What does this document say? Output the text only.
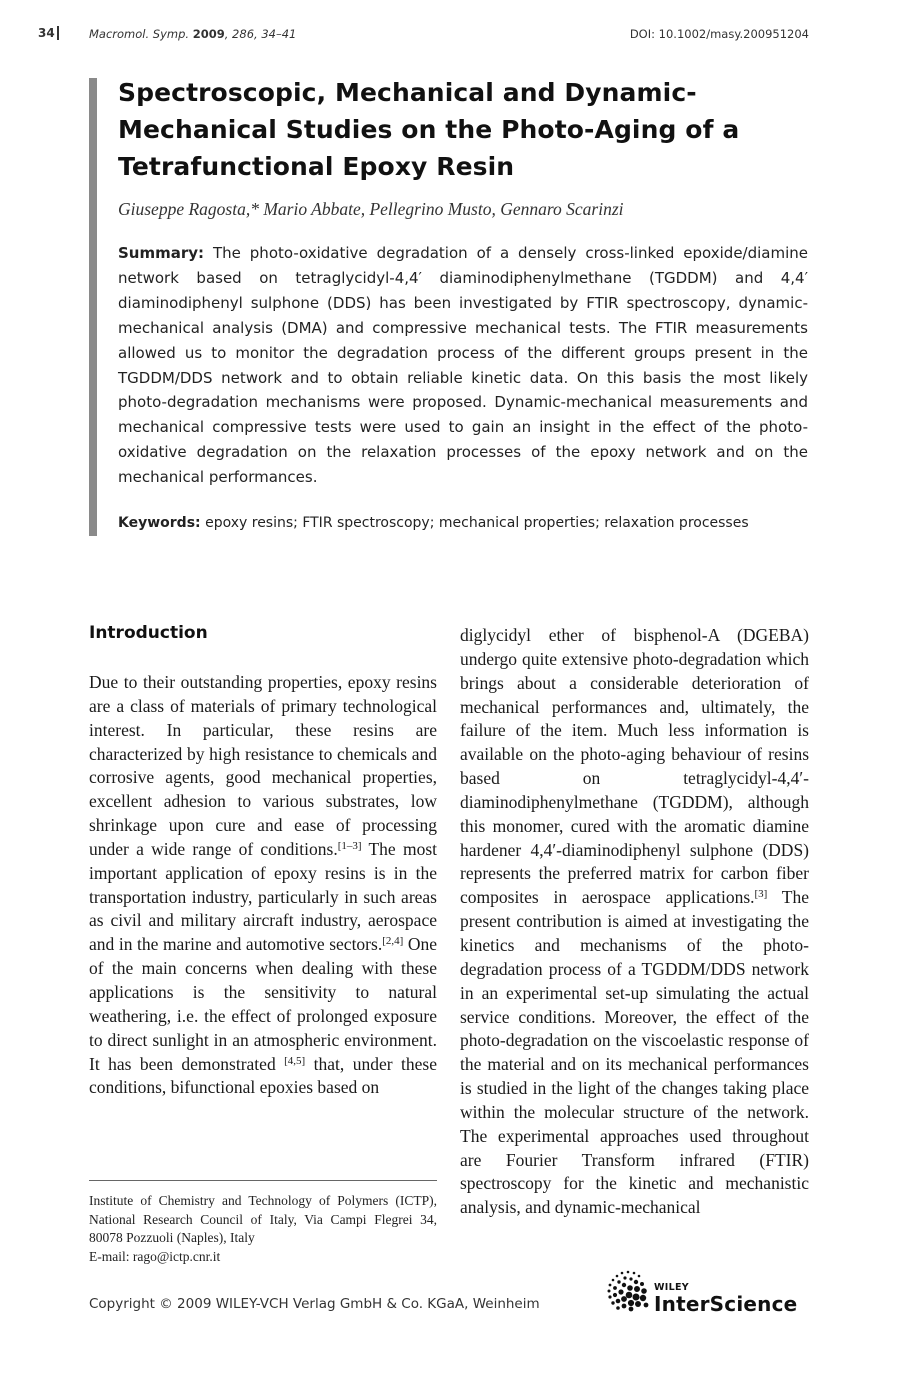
34	Macromol. Symp. 2009, 286, 34–41	DOI: 10.1002/masy.200951204
Spectroscopic, Mechanical and Dynamic-Mechanical Studies on the Photo-Aging of a Tetrafunctional Epoxy Resin
Giuseppe Ragosta,* Mario Abbate, Pellegrino Musto, Gennaro Scarinzi
Summary: The photo-oxidative degradation of a densely cross-linked epoxide/diamine network based on tetraglycidyl-4,4′ diaminodiphenylmethane (TGDDM) and 4,4′ diaminodiphenyl sulphone (DDS) has been investigated by FTIR spectroscopy, dynamic-mechanical analysis (DMA) and compressive mechanical tests. The FTIR measurements allowed us to monitor the degradation process of the different groups present in the TGDDM/DDS network and to obtain reliable kinetic data. On this basis the most likely photo-degradation mechanisms were proposed. Dynamic-mechanical measurements and mechanical compressive tests were used to gain an insight in the effect of the photo-oxidative degradation on the relaxation processes of the epoxy network and on the mechanical performances.
Keywords: epoxy resins; FTIR spectroscopy; mechanical properties; relaxation processes
Introduction
Due to their outstanding properties, epoxy resins are a class of materials of primary technological interest. In particular, these resins are characterized by high resistance to chemicals and corrosive agents, good mechanical properties, excellent adhesion to various substrates, low shrinkage upon cure and ease of processing under a wide range of conditions.[1–3] The most important application of epoxy resins is in the transportation industry, particularly in such areas as civil and military aircraft industry, aerospace and in the marine and automotive sectors.[2,4] One of the main concerns when dealing with these applications is the sensitivity to natural weathering, i.e. the effect of prolonged exposure to direct sunlight in an atmospheric environment. It has been demonstrated [4,5] that, under these conditions, bifunctional epoxies based on
diglycidyl ether of bisphenol-A (DGEBA) undergo quite extensive photo-degradation which brings about a considerable deterioration of mechanical performances and, ultimately, the failure of the item. Much less information is available on the photo-aging behaviour of resins based on tetraglycidyl-4,4′-diaminodiphenylmethane (TGDDM), although this monomer, cured with the aromatic diamine hardener 4,4′-diaminodiphenyl sulphone (DDS) represents the preferred matrix for carbon fiber composites in aerospace applications.[3] The present contribution is aimed at investigating the kinetics and mechanisms of the photo-degradation process of a TGDDM/DDS network in an experimental set-up simulating the actual service conditions. Moreover, the effect of the photo-degradation on the viscoelastic response of the material and on its mechanical performances is studied in the light of the changes taking place within the molecular structure of the network. The experimental approaches used throughout are Fourier Transform infrared (FTIR) spectroscopy for the kinetic and mechanistic analysis, and dynamic-mechanical
Institute of Chemistry and Technology of Polymers (ICTP), National Research Council of Italy, Via Campi Flegrei 34, 80078 Pozzuoli (Naples), Italy
E-mail: rago@ictp.cnr.it
Copyright © 2009 WILEY-VCH Verlag GmbH & Co. KGaA, Weinheim
WILEY
InterScience
